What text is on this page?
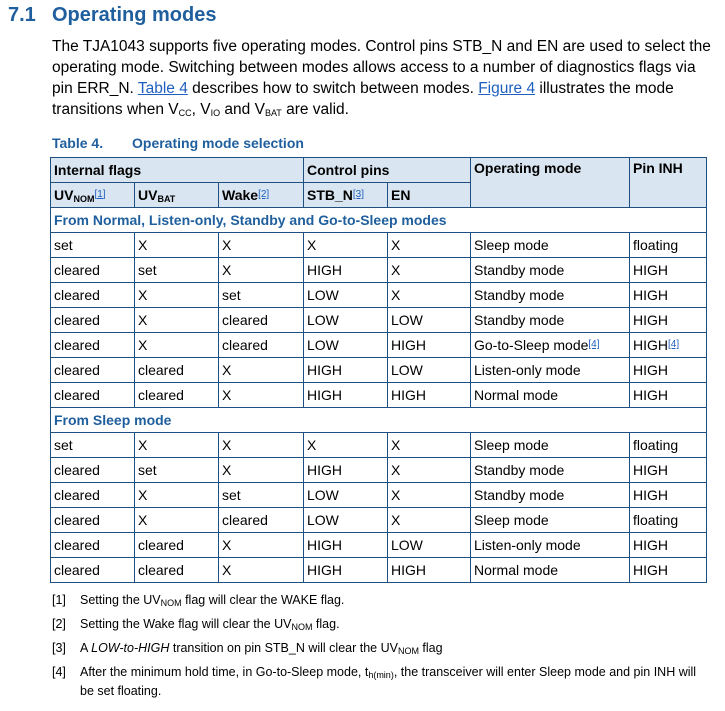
7.1 Operating modes

The TJA1043 supports five operating modes. Control pins STB_N and EN are used to select the operating mode. Switching between modes allows access to a number of diagnostics flags via pin ERR_N. Table 4 describes how to switch between modes. Figure 4 illustrates the mode transitions when $V_{CC}$, $V_{IO}$ and $V_{BAT}$ are valid.

Table 4. Operating mode selection
Internal flags			Control pins		Operating mode	Pin INH
$UV_{NOM}[1]$	$UV_{BAT}$	Wake[2]	STB_N[3]	EN		
From Normal, Listen-only, Standby and Go-to-Sleep modes						
set	X	X	X	X	Sleep mode	floating
cleared	set	X	HIGH	X	Standby mode	HIGH
cleared	X	set	LOW	X	Standby mode	HIGH
cleared	X	cleared	LOW	LOW	Standby mode	HIGH
cleared	X	cleared	LOW	HIGH	Go-to-Sleep mode[4]	HIGH[4]
cleared	cleared	X	HIGH	LOW	Listen-only mode	HIGH
cleared	cleared	X	HIGH	HIGH	Normal mode	HIGH
From Sleep mode						
set	X	X	X	X	Sleep mode	floating
cleared	set	X	HIGH	X	Standby mode	HIGH
cleared	X	set	LOW	X	Standby mode	HIGH
cleared	X	cleared	LOW	X	Sleep mode	floating
cleared	cleared	X	HIGH	LOW	Listen-only mode	HIGH
cleared	cleared	X	HIGH	HIGH	Normal mode	HIGH
[1]	Setting the $UV_{NOM}$ flag will clear the WAKE flag.
[2]	Setting the Wake flag will clear the $UV_{NOM}$ flag.
[3]	A LOW-to-HIGH transition on pin STB_N will clear the $UV_{NOM}$ flag
[4]	After the minimum hold time, in Go-to-Sleep mode, $t_{h(min)}$, the transceiver will enter Sleep mode and pin INH will be set floating.
